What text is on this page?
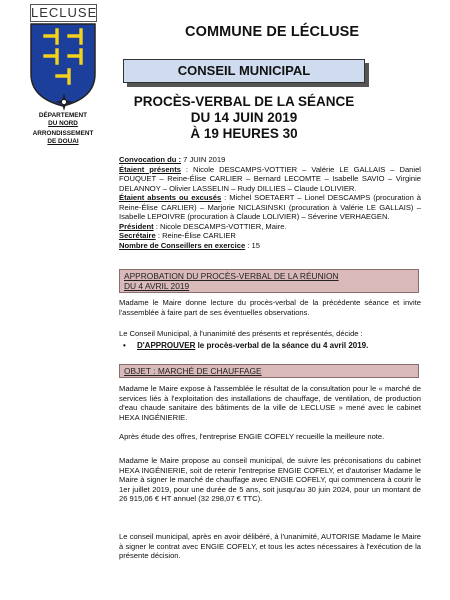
LECLUSE
DÉPARTEMENT
DU NORD
ARRONDISSEMENT
DE DOUAI
COMMUNE DE LÉCLUSE
CONSEIL MUNICIPAL
PROCÈS-VERBAL DE LA SÉANCE
DU 14 JUIN 2019
À 19 HEURES 30
Convocation du : 7 JUIN 2019
Étaient présents : Nicole DESCAMPS-VOTTIER – Valérie LE GALLAIS – Daniel FOUQUET – Reine-Élise CARLIER – Bernard LECOMTE – Isabelle SAVIO – Virginie DELANNOY – Olivier LASSELIN – Rudy DILLIES – Claude LOLIVIER.
Étaient absents ou excusés : Michel SOETAERT – Lionel DESCAMPS (procuration à Reine-Élise CARLIER) – Marjorie NICLASINSKI (procuration à Valérie LE GALLAIS) – Isabelle LEPOIVRE (procuration à Claude LOLIVIER) – Séverine VERHAEGEN.
Président : Nicole DESCAMPS-VOTTIER, Maire.
Secrétaire : Reine-Élise CARLIER
Nombre de Conseillers en exercice : 15
APPROBATION DU PROCÈS-VERBAL DE LA RÉUNION
DU 4 AVRIL 2019
Madame le Maire donne lecture du procès-verbal de la précédente séance et invite l'assemblée à faire part de ses éventuelles observations.
Le Conseil Municipal, à l'unanimité des présents et représentés, décide :
• D'APPROUVER le procès-verbal de la séance du 4 avril 2019.
OBJET : MARCHÉ DE CHAUFFAGE
Madame le Maire expose à l'assemblée le résultat de la consultation pour le « marché de services liés à l'exploitation des installations de chauffage, de ventilation, de production d'eau chaude sanitaire des bâtiments de la ville de LECLUSE » mené avec le cabinet HEXA INGÉNIERIE.
Après étude des offres, l'entreprise ENGIE COFELY recueille la meilleure note.
Madame le Maire propose au conseil municipal, de suivre les préconisations du cabinet HEXA INGÉNIERIE, soit de retenir l'entreprise ENGIE COFELY, et d'autoriser Madame le Maire à signer le marché de chauffage avec ENGIE COFELY, qui commencera à courir le 1er juillet 2019, pour une durée de 5 ans, soit jusqu'au 30 juin 2024, pour un montant de 26 915,06 € HT annuel (32 298,07 € TTC).
Le conseil municipal, après en avoir délibéré, à l'unanimité, AUTORISE Madame le Maire à signer le contrat avec ENGIE COFELY, et tous les actes nécessaires à l'exécution de la présente décision.
